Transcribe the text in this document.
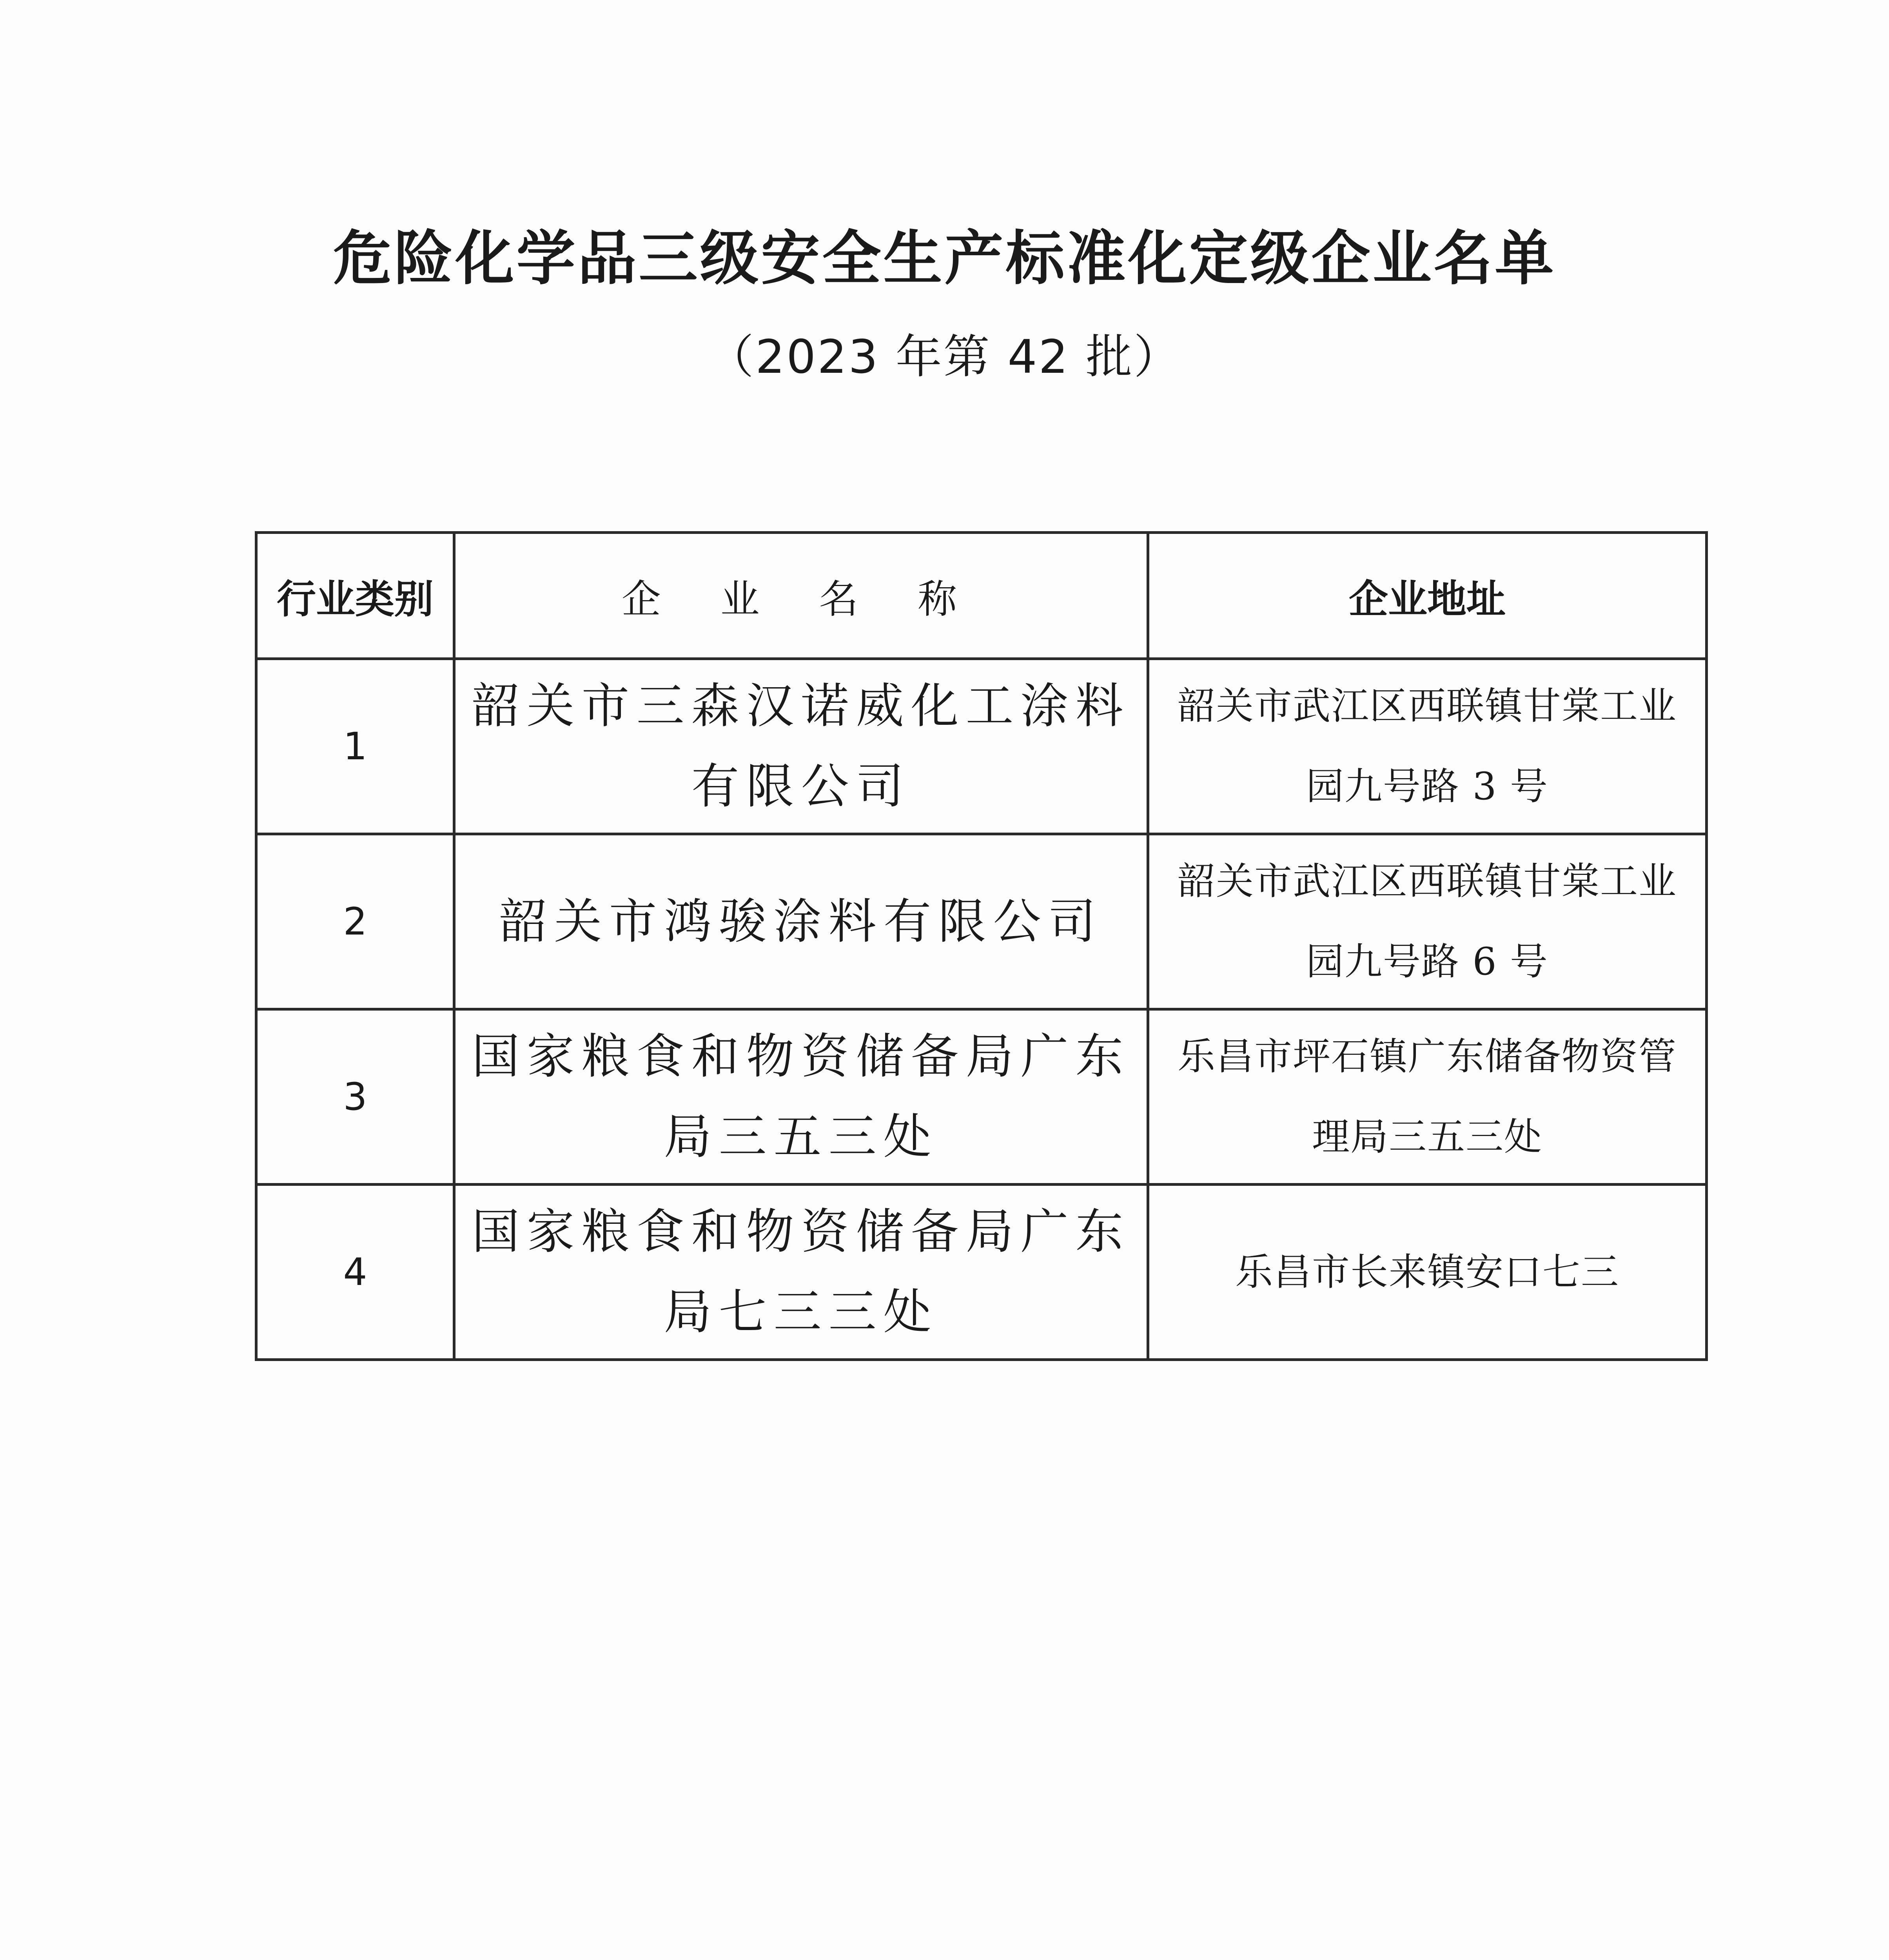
危险化学品三级安全生产标准化定级企业名单
（2023 年第 42 批）
行业类别	企 业 名 称	企业地址
1	韶关市三森汉诺威化工涂料有限公司	韶关市武江区西联镇甘棠工业园九号路 3 号
2	韶关市鸿骏涂料有限公司	韶关市武江区西联镇甘棠工业园九号路 6 号
3	国家粮食和物资储备局广东局三五三处	乐昌市坪石镇广东储备物资管理局三五三处
4	国家粮食和物资储备局广东局七三三处	乐昌市长来镇安口七三
